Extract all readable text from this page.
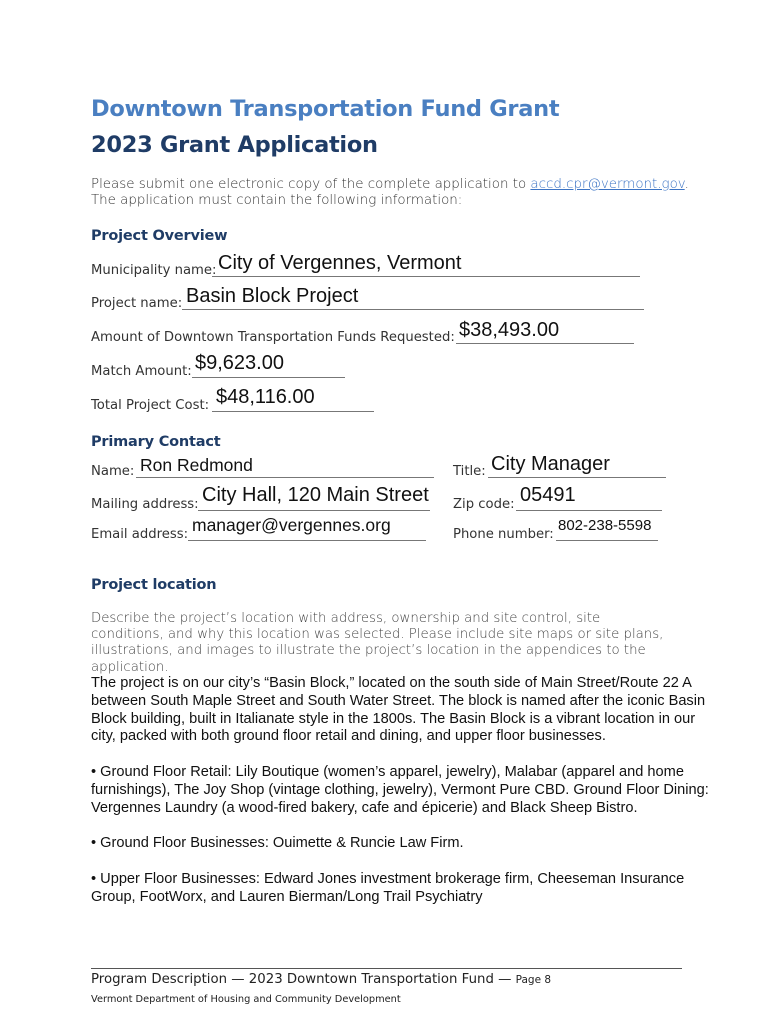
Downtown Transportation Fund Grant
2023 Grant Application
Please submit one electronic copy of the complete application to accd.cpr@vermont.gov.
The application must contain the following information:
Project Overview
Municipality name: City of Vergennes, Vermont
Project name: Basin Block Project
Amount of Downtown Transportation Funds Requested: $38,493.00
Match Amount: $9,623.00
Total Project Cost: $48,116.00
Primary Contact
Name: Ron Redmond	Title: City Manager
Mailing address: City Hall, 120 Main Street Zip code: 05491
Email address: manager@vergennes.org	Phone number:
802-238-5598
Project location
Describe the project’s location with address, ownership and site control, site conditions, and why this location was selected. Please include site maps or site plans, illustrations, and images to illustrate the project’s location in the appendices to the application.
The project is on our city’s “Basin Block,” located on the south side of Main Street/Route 22 A between South Maple Street and South Water Street. The block is named after the iconic Basin Block building, built in Italianate style in the 1800s. The Basin Block is a vibrant location in our city, packed with both ground floor retail and dining, and upper floor businesses.
• Ground Floor Retail: Lily Boutique (women’s apparel, jewelry), Malabar (apparel and home furnishings), The Joy Shop (vintage clothing, jewelry), Vermont Pure CBD. Ground Floor Dining: Vergennes Laundry (a wood-fired bakery, cafe and épicerie) and Black Sheep Bistro.
• Ground Floor Businesses: Ouimette & Runcie Law Firm.
• Upper Floor Businesses: Edward Jones investment brokerage firm, Cheeseman Insurance Group, FootWorx, and Lauren Bierman/Long Trail Psychiatry
Program Description — 2023 Downtown Transportation Fund — Page 8
Vermont Department of Housing and Community Development
